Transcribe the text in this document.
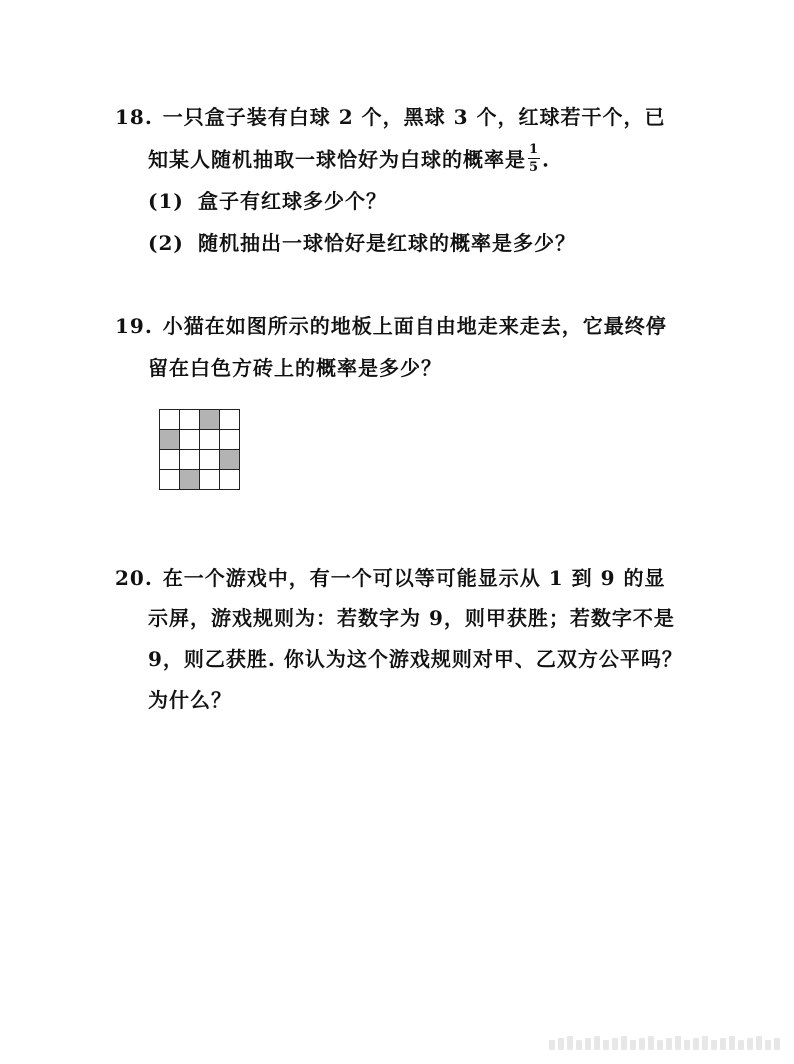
18. 一只盒子装有白球 2 个，黑球 3 个，红球若干个，已
知某人随机抽取一球恰好为白球的概率是 $\frac{1}{5}$ .
(1) 盒子有红球多少个？
(2) 随机抽出一球恰好是红球的概率是多少？
19. 小猫在如图所示的地板上面自由地走来走去，它最终停
留在白色方砖上的概率是多少？
20. 在一个游戏中，有一个可以等可能显示从 1 到 9 的显
示屏，游戏规则为：若数字为 9，则甲获胜；若数字不是
9，则乙获胜. 你认为这个游戏规则对甲、乙双方公平吗？
为什么？
